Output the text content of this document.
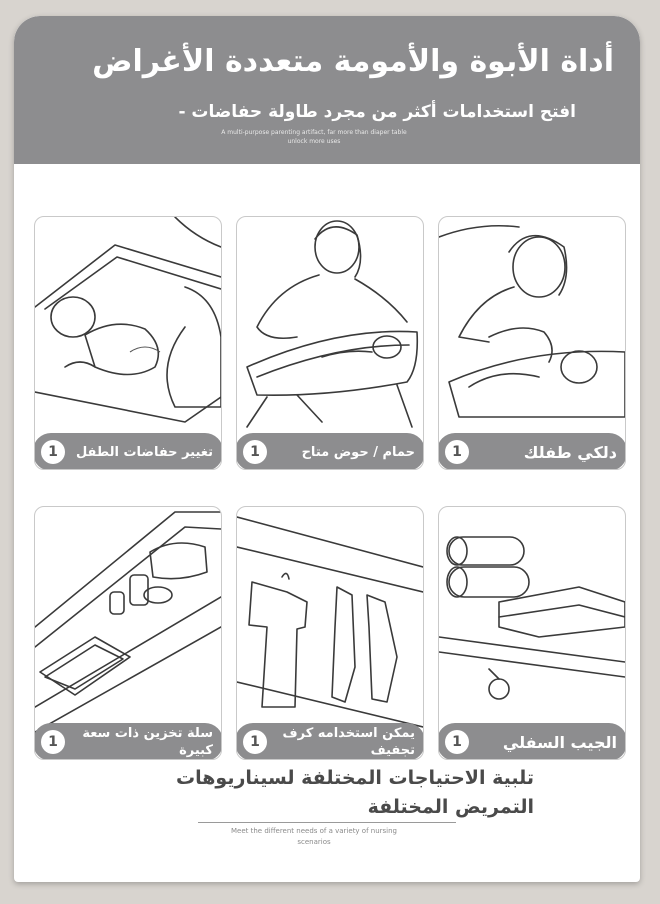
أداة الأبوة والأمومة متعددة الأغراض
افتح استخدامات أكثر من مجرد طاولة حفاضات -
A multi-purpose parenting artifact, far more than diaper table unlock more uses
1	تغيير حفاضات الطفل	1	حمام / حوض متاح	1	دلكي طفلك
1
سلة تخزين ذات سعة كبيرة
1
يمكن استخدامه كرف تجفيف
1	الجيب السفلي
تلبية الاحتياجات المختلفة لسيناريوهات التمريض المختلفة
Meet the different needs of a variety of nursing scenarios
